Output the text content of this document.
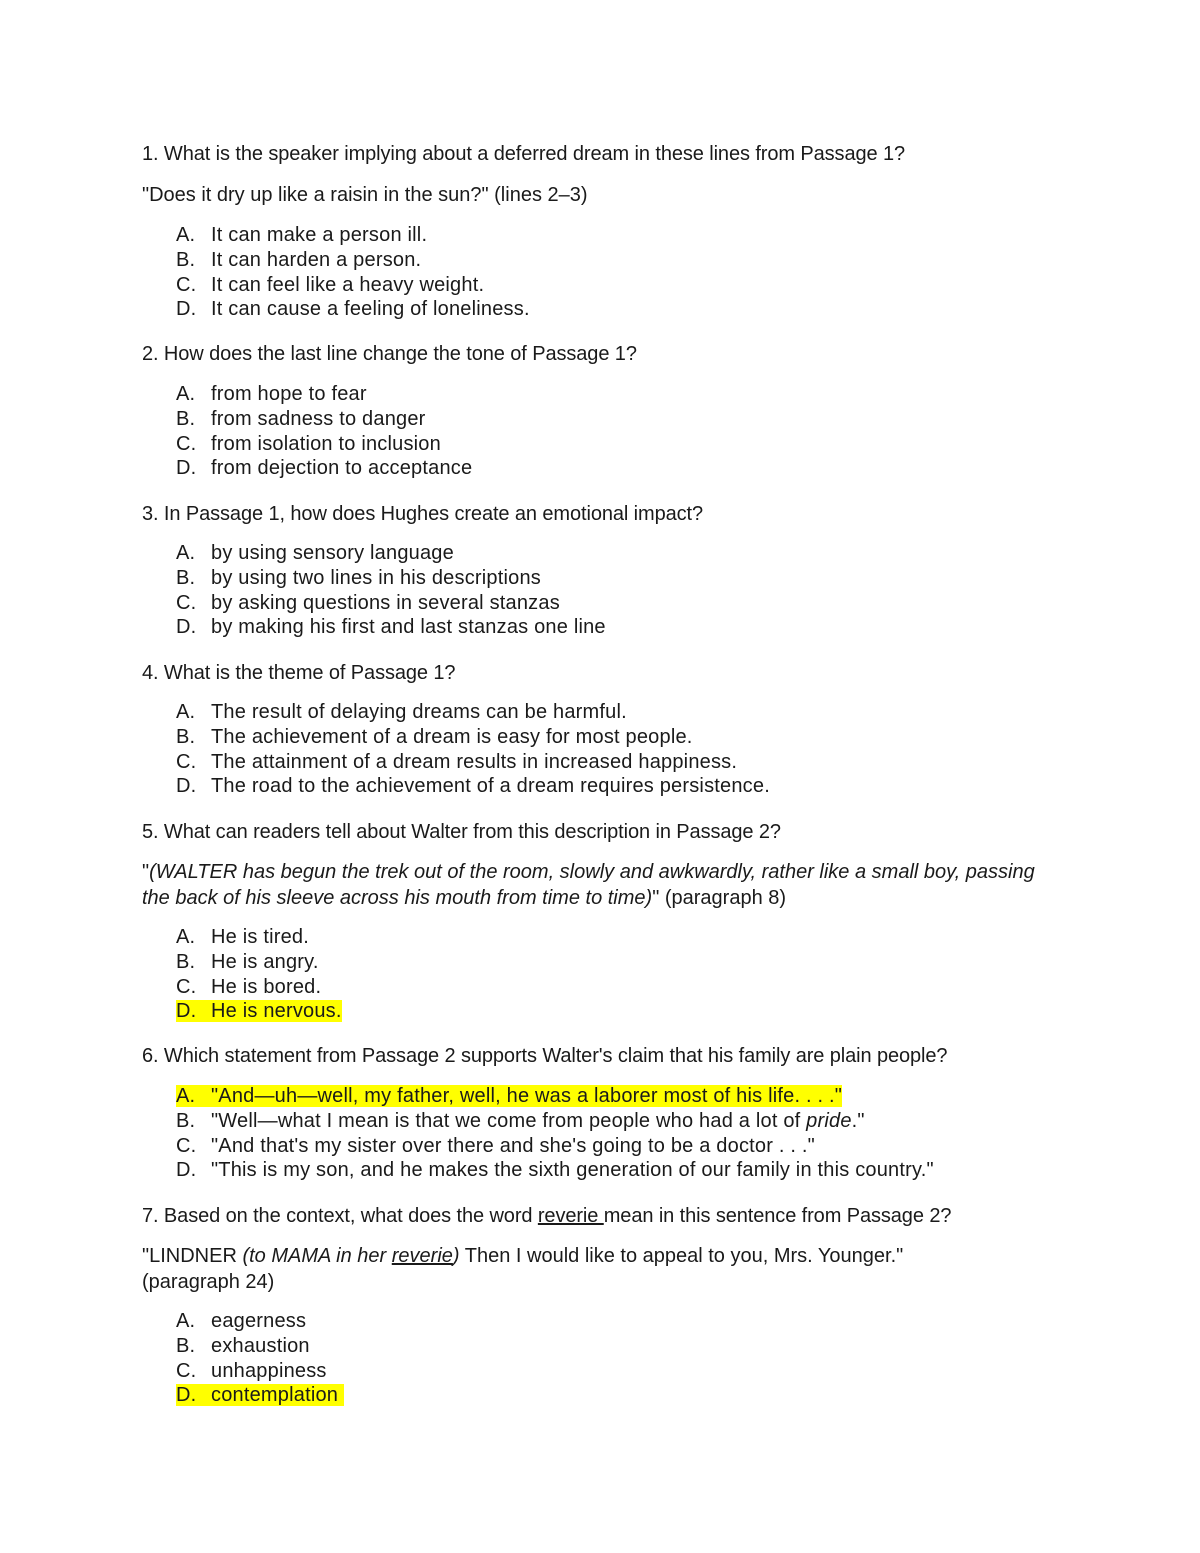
1. What is the speaker implying about a deferred dream in these lines from Passage 1?
"Does it dry up like a raisin in the sun?" (lines 2–3)
A. It can make a person ill.
B. It can harden a person.
C. It can feel like a heavy weight.
D. It can cause a feeling of loneliness.
2. How does the last line change the tone of Passage 1?
A. from hope to fear
B. from sadness to danger
C. from isolation to inclusion
D. from dejection to acceptance
3. In Passage 1, how does Hughes create an emotional impact?
A. by using sensory language
B. by using two lines in his descriptions
C. by asking questions in several stanzas
D. by making his first and last stanzas one line
4. What is the theme of Passage 1?
A. The result of delaying dreams can be harmful.
B. The achievement of a dream is easy for most people.
C. The attainment of a dream results in increased happiness.
D. The road to the achievement of a dream requires persistence.
5. What can readers tell about Walter from this description in Passage 2?
"(WALTER has begun the trek out of the room, slowly and awkwardly, rather like a small boy, passing the back of his sleeve across his mouth from time to time)" (paragraph 8)
A. He is tired.
B. He is angry.
C. He is bored.
D. He is nervous.
6. Which statement from Passage 2 supports Walter's claim that his family are plain people?
A. "And—uh—well, my father, well, he was a laborer most of his life. . . ."
B. "Well—what I mean is that we come from people who had a lot of pride."
C. "And that's my sister over there and she's going to be a doctor . . ."
D. "This is my son, and he makes the sixth generation of our family in this country."
7. Based on the context, what does the word reverie mean in this sentence from Passage 2?
"LINDNER (to MAMA in her reverie) Then I would like to appeal to you, Mrs. Younger."
(paragraph 24)
A. eagerness
B. exhaustion
C. unhappiness
D. contemplation
